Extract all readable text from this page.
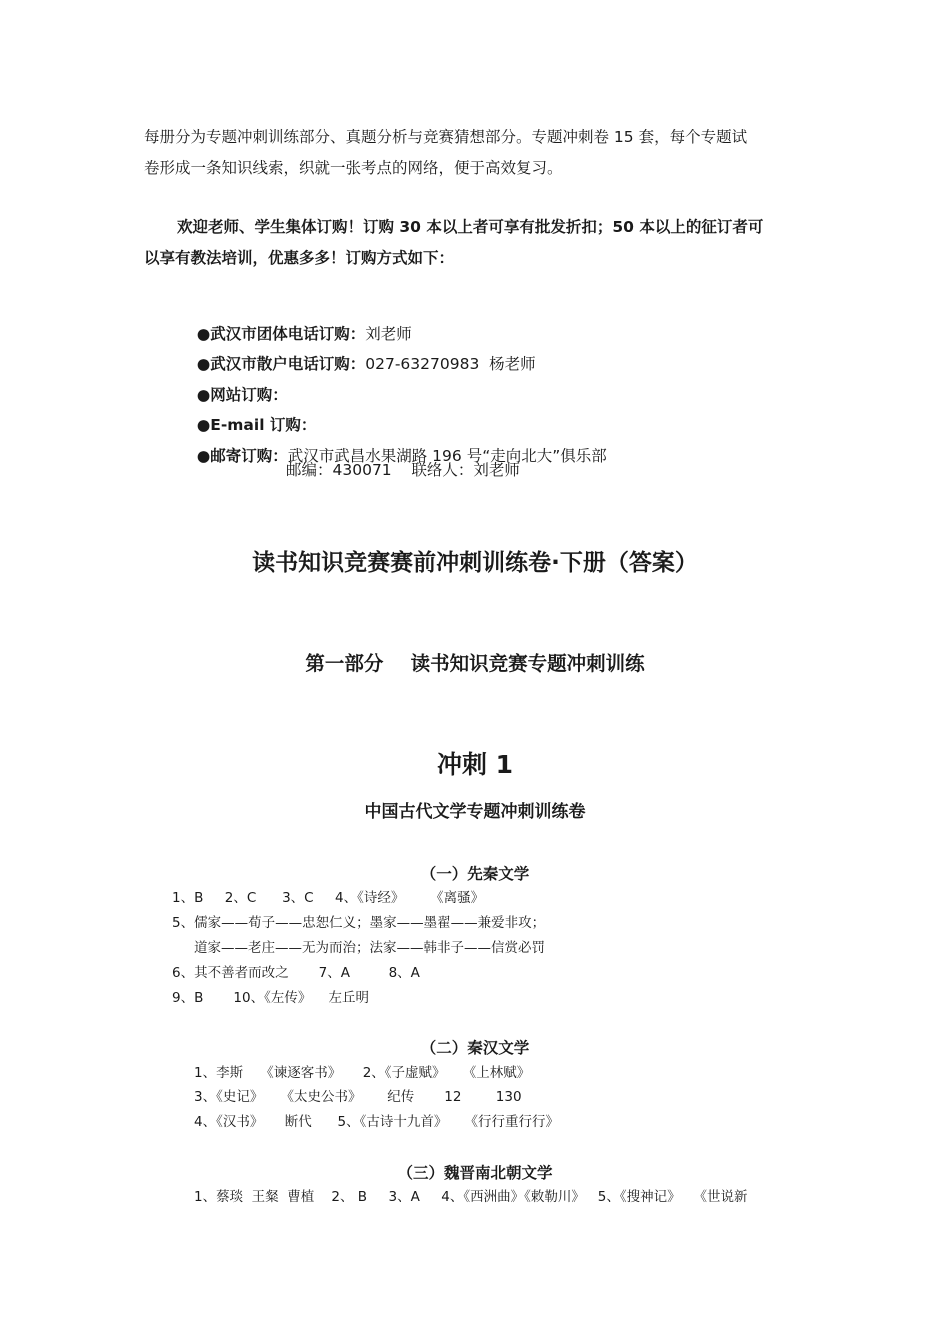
每册分为专题冲刺训练部分、真题分析与竞赛猜想部分。专题冲刺卷 15 套，每个专题试
卷形成一条知识线索，织就一张考点的网络，便于高效复习。
欢迎老师、学生集体订购！订购 30 本以上者可享有批发折扣；50 本以上的征订者可
以享有教法培训，优惠多多！订购方式如下：

●武汉市团体电话订购：刘老师

●武汉市散户电话订购：027-63270983  杨老师

●网站订购：

●E-mail 订购：

●邮寄订购：武汉市武昌水果湖路 196 号“走向北大”俱乐部

邮编：430071    联络人：刘老师
读书知识竞赛赛前冲刺训练卷·下册（答案）
第一部分    读书知识竞赛专题冲刺训练
冲刺 1
中国古代文学专题冲刺训练卷
（一）先秦文学
1、B     2、C      3、C     4、《诗经》      《离骚》
5、儒家——荀子——忠恕仁义；墨家——墨翟——兼爱非攻；
道家——老庄——无为而治；法家——韩非子——信赏必罚
6、其不善者而改之       7、A         8、A
9、B       10、《左传》    左丘明
（二）秦汉文学
1、李斯    《谏逐客书》     2、《子虚赋》    《上林赋》
3、《史记》    《太史公书》      纪传       12        130
4、《汉书》     断代      5、《古诗十九首》    《行行重行行》
（三）魏晋南北朝文学
1、蔡琰  王粲  曹植    2、 B     3、A     4、《西洲曲》《敕勒川》   5、《搜神记》   《世说新
